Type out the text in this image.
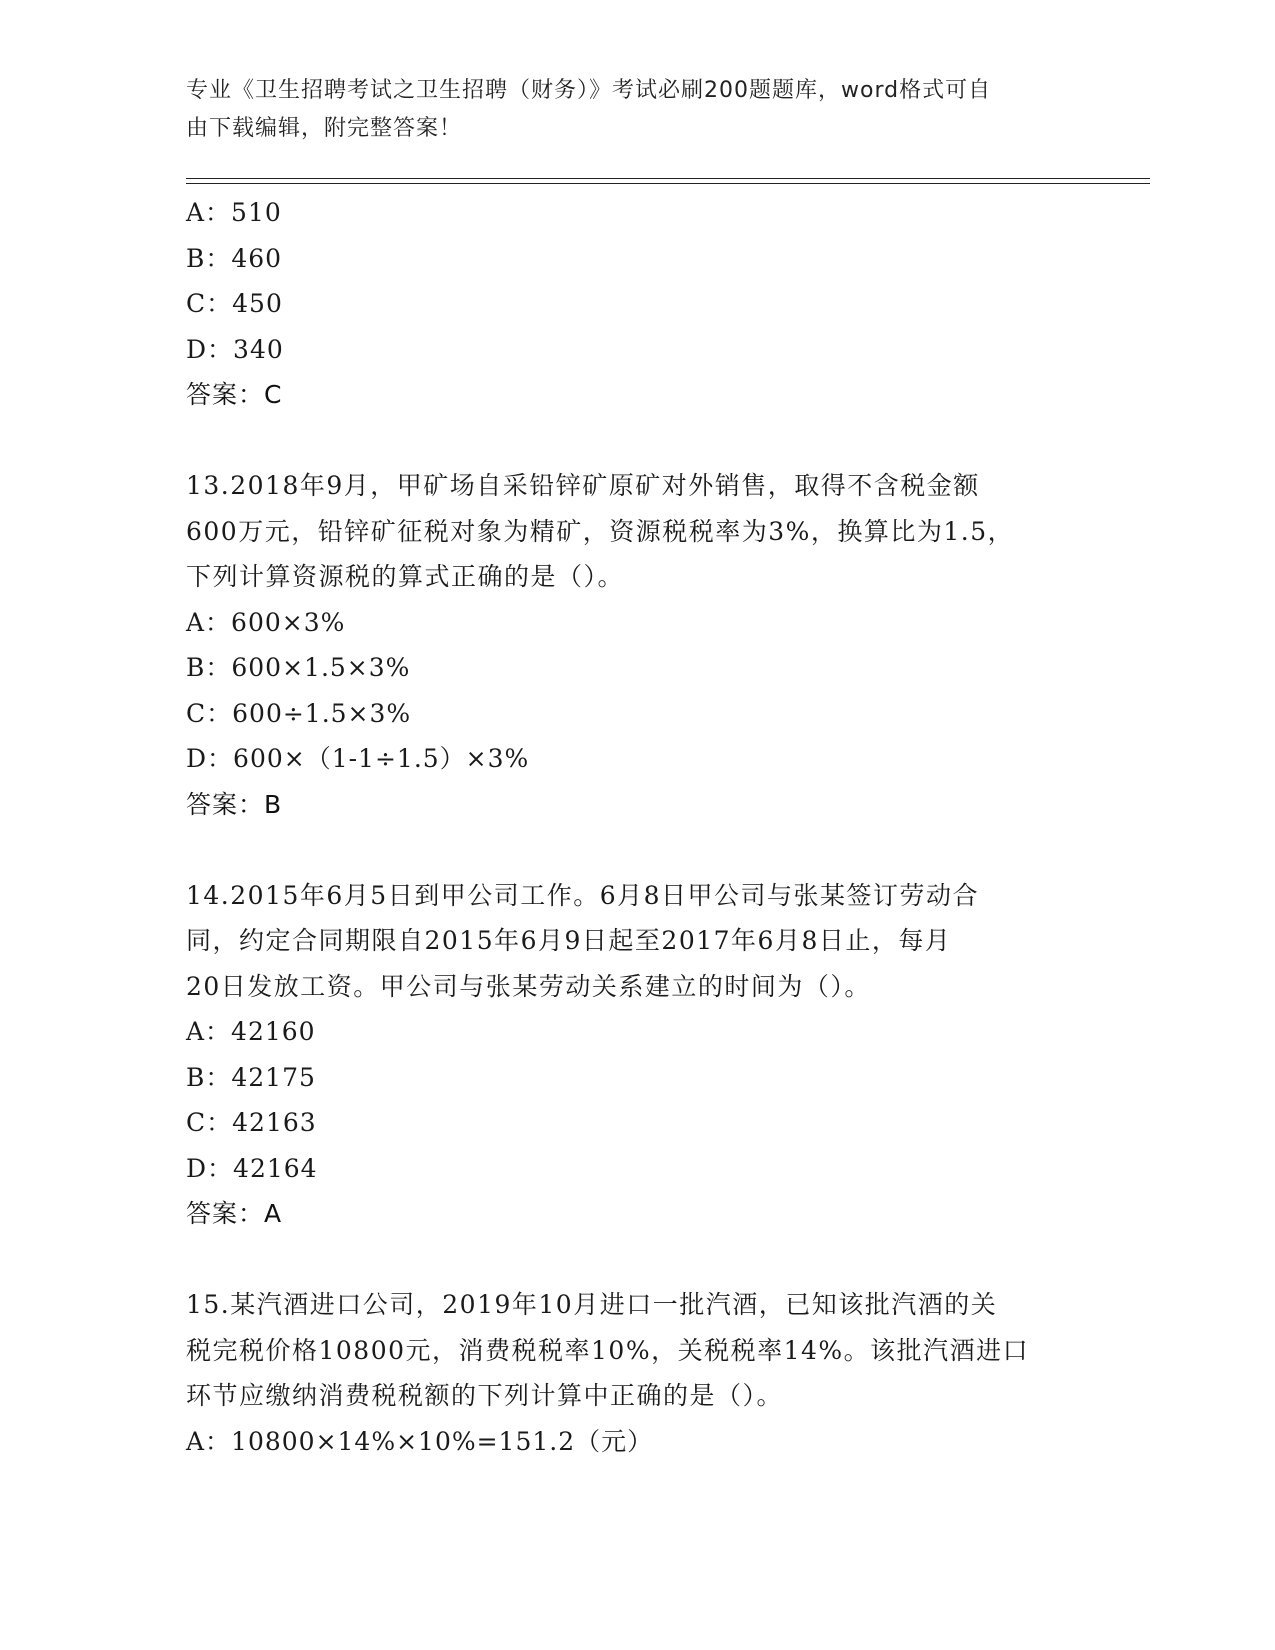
专业《卫生招聘考试之卫生招聘（财务）》考试必刷200题题库，word格式可自
由下载编辑，附完整答案！
A：510
B：460
C：450
D：340
答案：C
13.2018年9月，甲矿场自采铅锌矿原矿对外销售，取得不含税金额
600万元，铅锌矿征税对象为精矿，资源税税率为3%，换算比为1.5，
下列计算资源税的算式正确的是（）。
A：600×3%
B：600×1.5×3%
C：600÷1.5×3%
D：600×（1-1÷1.5）×3%
答案：B
14.2015年6月5日到甲公司工作。6月8日甲公司与张某签订劳动合
同，约定合同期限自2015年6月9日起至2017年6月8日止，每月
20日发放工资。甲公司与张某劳动关系建立的时间为（）。
A：42160
B：42175
C：42163
D：42164
答案：A
15.某汽酒进口公司，2019年10月进口一批汽酒，已知该批汽酒的关
税完税价格10800元，消费税税率10%，关税税率14%。该批汽酒进口
环节应缴纳消费税税额的下列计算中正确的是（）。
A：10800×14%×10%=151.2（元）
